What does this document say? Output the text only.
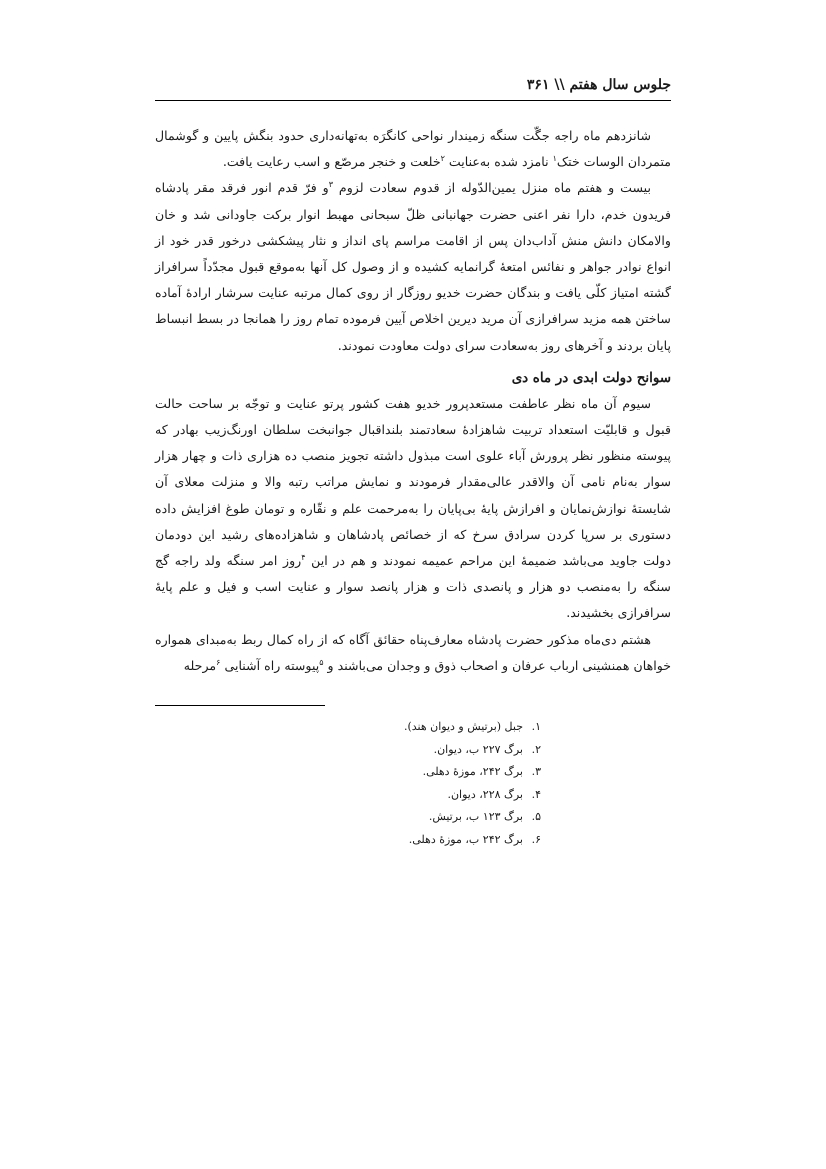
جلوس سال هفتم \\ ۳۶۱

شانزدهم ماه راجه جگّت سنگه زمیندار نواحی کانگرَه به‌تهانه‌داری حدود بنگش پایین و گوشمال متمردان الوسات ختک$^۱$ نامزد شده به‌عنایت $^۲$خلعت و خنجر مرصّع و اسب رعایت یافت.

بیست و هفتم ماه منزل یمین‌الدّوله از قدوم سعادت لزوم $^۳$و فرّ قدم انور فرقد مقر پادشاه فریدون خدم، دارا نفر اعنی حضرت جهانبانی ظلّ سبحانی مهبط انوار برکت جاودانی شد و خان والامکان دانش منش آداب‌دان پس از اقامت مراسم پای انداز و نثار پیشکشی درخور قدر خود از انواع نوادر جواهر و نفائس امتعهٔ گرانمایه کشیده و از وصول کل آنها به‌موقع قبول مجدّداً سرافراز گشته امتیاز کلّی یافت و بندگان حضرت خدیو روزگار از روی کمال مرتبه عنایت سرشار ارادهٔ آماده ساختن همه مزید سرافرازی آن مرید دیرین اخلاص آیین فرموده تمام روز را همانجا در بسط انبساط پایان بردند و آخرهای روز به‌سعادت سرای دولت معاودت نمودند.

سوانح دولت ابدی در ماه دی

سیوم آن ماه نظر عاطفت مستعدپرور خدیو هفت کشور پرتو عنایت و توجّه بر ساحت حالت قبول و قابلیّت استعداد تربیت شاهزادهٔ سعادتمند بلنداقبال جوانبخت سلطان اورنگ‌زیب بهادر که پیوسته منظور نظر پرورش آباء علوی است مبذول داشته تجویز منصب ده هزاری ذات و چهار هزار سوار به‌نام نامی آن والاقدر عالی‌مقدار فرمودند و نمایش مراتب رتبه والا و منزلت معلای آن شایستهٔ نوازش‌نمایان و افرازش پایهٔ بی‌پایان را به‌مرحمت علم و نقّاره و تومان طوغ افزایش داده دستوری بر سرپا کردن سرادق سرخ که از خصائص پادشاهان و شاهزاده‌های رشید این دودمان دولت جاوید می‌باشد ضمیمهٔ این مراحم عمیمه نمودند و هم در این $^۴$روز امر سنگه ولد راجه گج سنگه را به‌منصب دو هزار و پانصدی ذات و هزار پانصد سوار و عنایت اسب و فیل و علم پایهٔ سرافرازی بخشیدند.

هشتم دی‌ماه مذکور حضرت پادشاه معارف‌پناه حقائق آگاه که از راه کمال ربط به‌مبدای همواره خواهان همنشینی ارباب عرفان و اصحاب ذوق و وجدان می‌باشند و $^۵$پیوسته راه آشنایی $^۶$مرحله

۱.جبل (برتیش و دیوان هند).
۲.برگ ۲۲۷ ب، دیوان.
۳.برگ ۲۴۲، موزهٔ دهلی.
۴.برگ ۲۲۸، دیوان.
۵.برگ ۱۲۳ ب، برتیش.
۶.برگ ۲۴۲ ب، موزهٔ دهلی.
